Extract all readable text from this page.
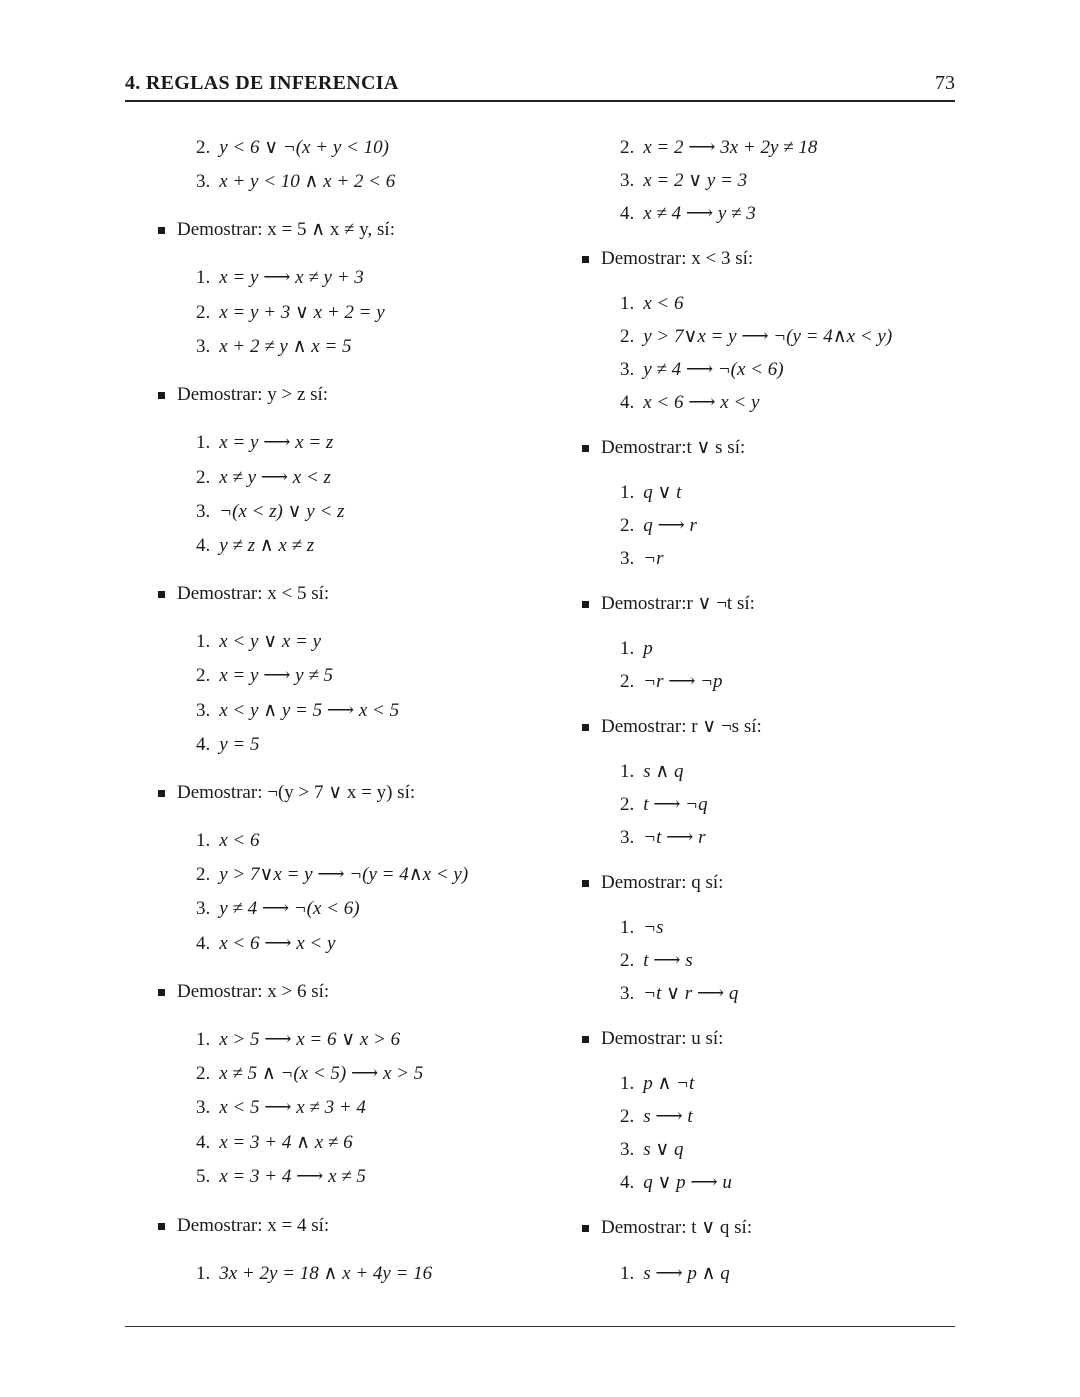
4. REGLAS DE INFERENCIA	73
2. y < 6 ∨ ¬(x + y < 10)
3. x + y < 10 ∧ x + 2 < 6
Demostrar: x = 5 ∧ x ≠ y, sí:
1. x = y ⟶ x ≠ y + 3
2. x = y + 3 ∨ x + 2 = y
3. x + 2 ≠ y ∧ x = 5
Demostrar: y > z sí:
1. x = y ⟶ x = z
2. x ≠ y ⟶ x < z
3. ¬(x < z) ∨ y < z
4. y ≠ z ∧ x ≠ z
Demostrar: x < 5 sí:
1. x < y ∨ x = y
2. x = y ⟶ y ≠ 5
3. x < y ∧ y = 5 ⟶ x < 5
4. y = 5
Demostrar: ¬(y > 7 ∨ x = y) sí:
1. x < 6
2. y > 7∨x = y ⟶ ¬(y = 4∧x < y)
3. y ≠ 4 ⟶ ¬(x < 6)
4. x < 6 ⟶ x < y
Demostrar: x > 6 sí:
1. x > 5 ⟶ x = 6 ∨ x > 6
2. x ≠ 5 ∧ ¬(x < 5) ⟶ x > 5
3. x < 5 ⟶ x ≠ 3 + 4
4. x = 3 + 4 ∧ x ≠ 6
5. x = 3 + 4 ⟶ x ≠ 5
Demostrar: x = 4 sí:
1. 3x + 2y = 18 ∧ x + 4y = 16
2. x = 2 ⟶ 3x + 2y ≠ 18
3. x = 2 ∨ y = 3
4. x ≠ 4 ⟶ y ≠ 3
Demostrar: x < 3 sí:
1. x < 6
2. y > 7∨x = y ⟶ ¬(y = 4∧x < y)
3. y ≠ 4 ⟶ ¬(x < 6)
4. x < 6 ⟶ x < y
Demostrar:t ∨ s sí:
1. q ∨ t
2. q ⟶ r
3. ¬r
Demostrar:r ∨ ¬t sí:
1. p
2. ¬r ⟶ ¬p
Demostrar: r ∨ ¬s sí:
1. s ∧ q
2. t ⟶ ¬q
3. ¬t ⟶ r
Demostrar: q sí:
1. ¬s
2. t ⟶ s
3. ¬t ∨ r ⟶ q
Demostrar: u sí:
1. p ∧ ¬t
2. s ⟶ t
3. s ∨ q
4. q ∨ p ⟶ u
Demostrar: t ∨ q sí:
1. s ⟶ p ∧ q
